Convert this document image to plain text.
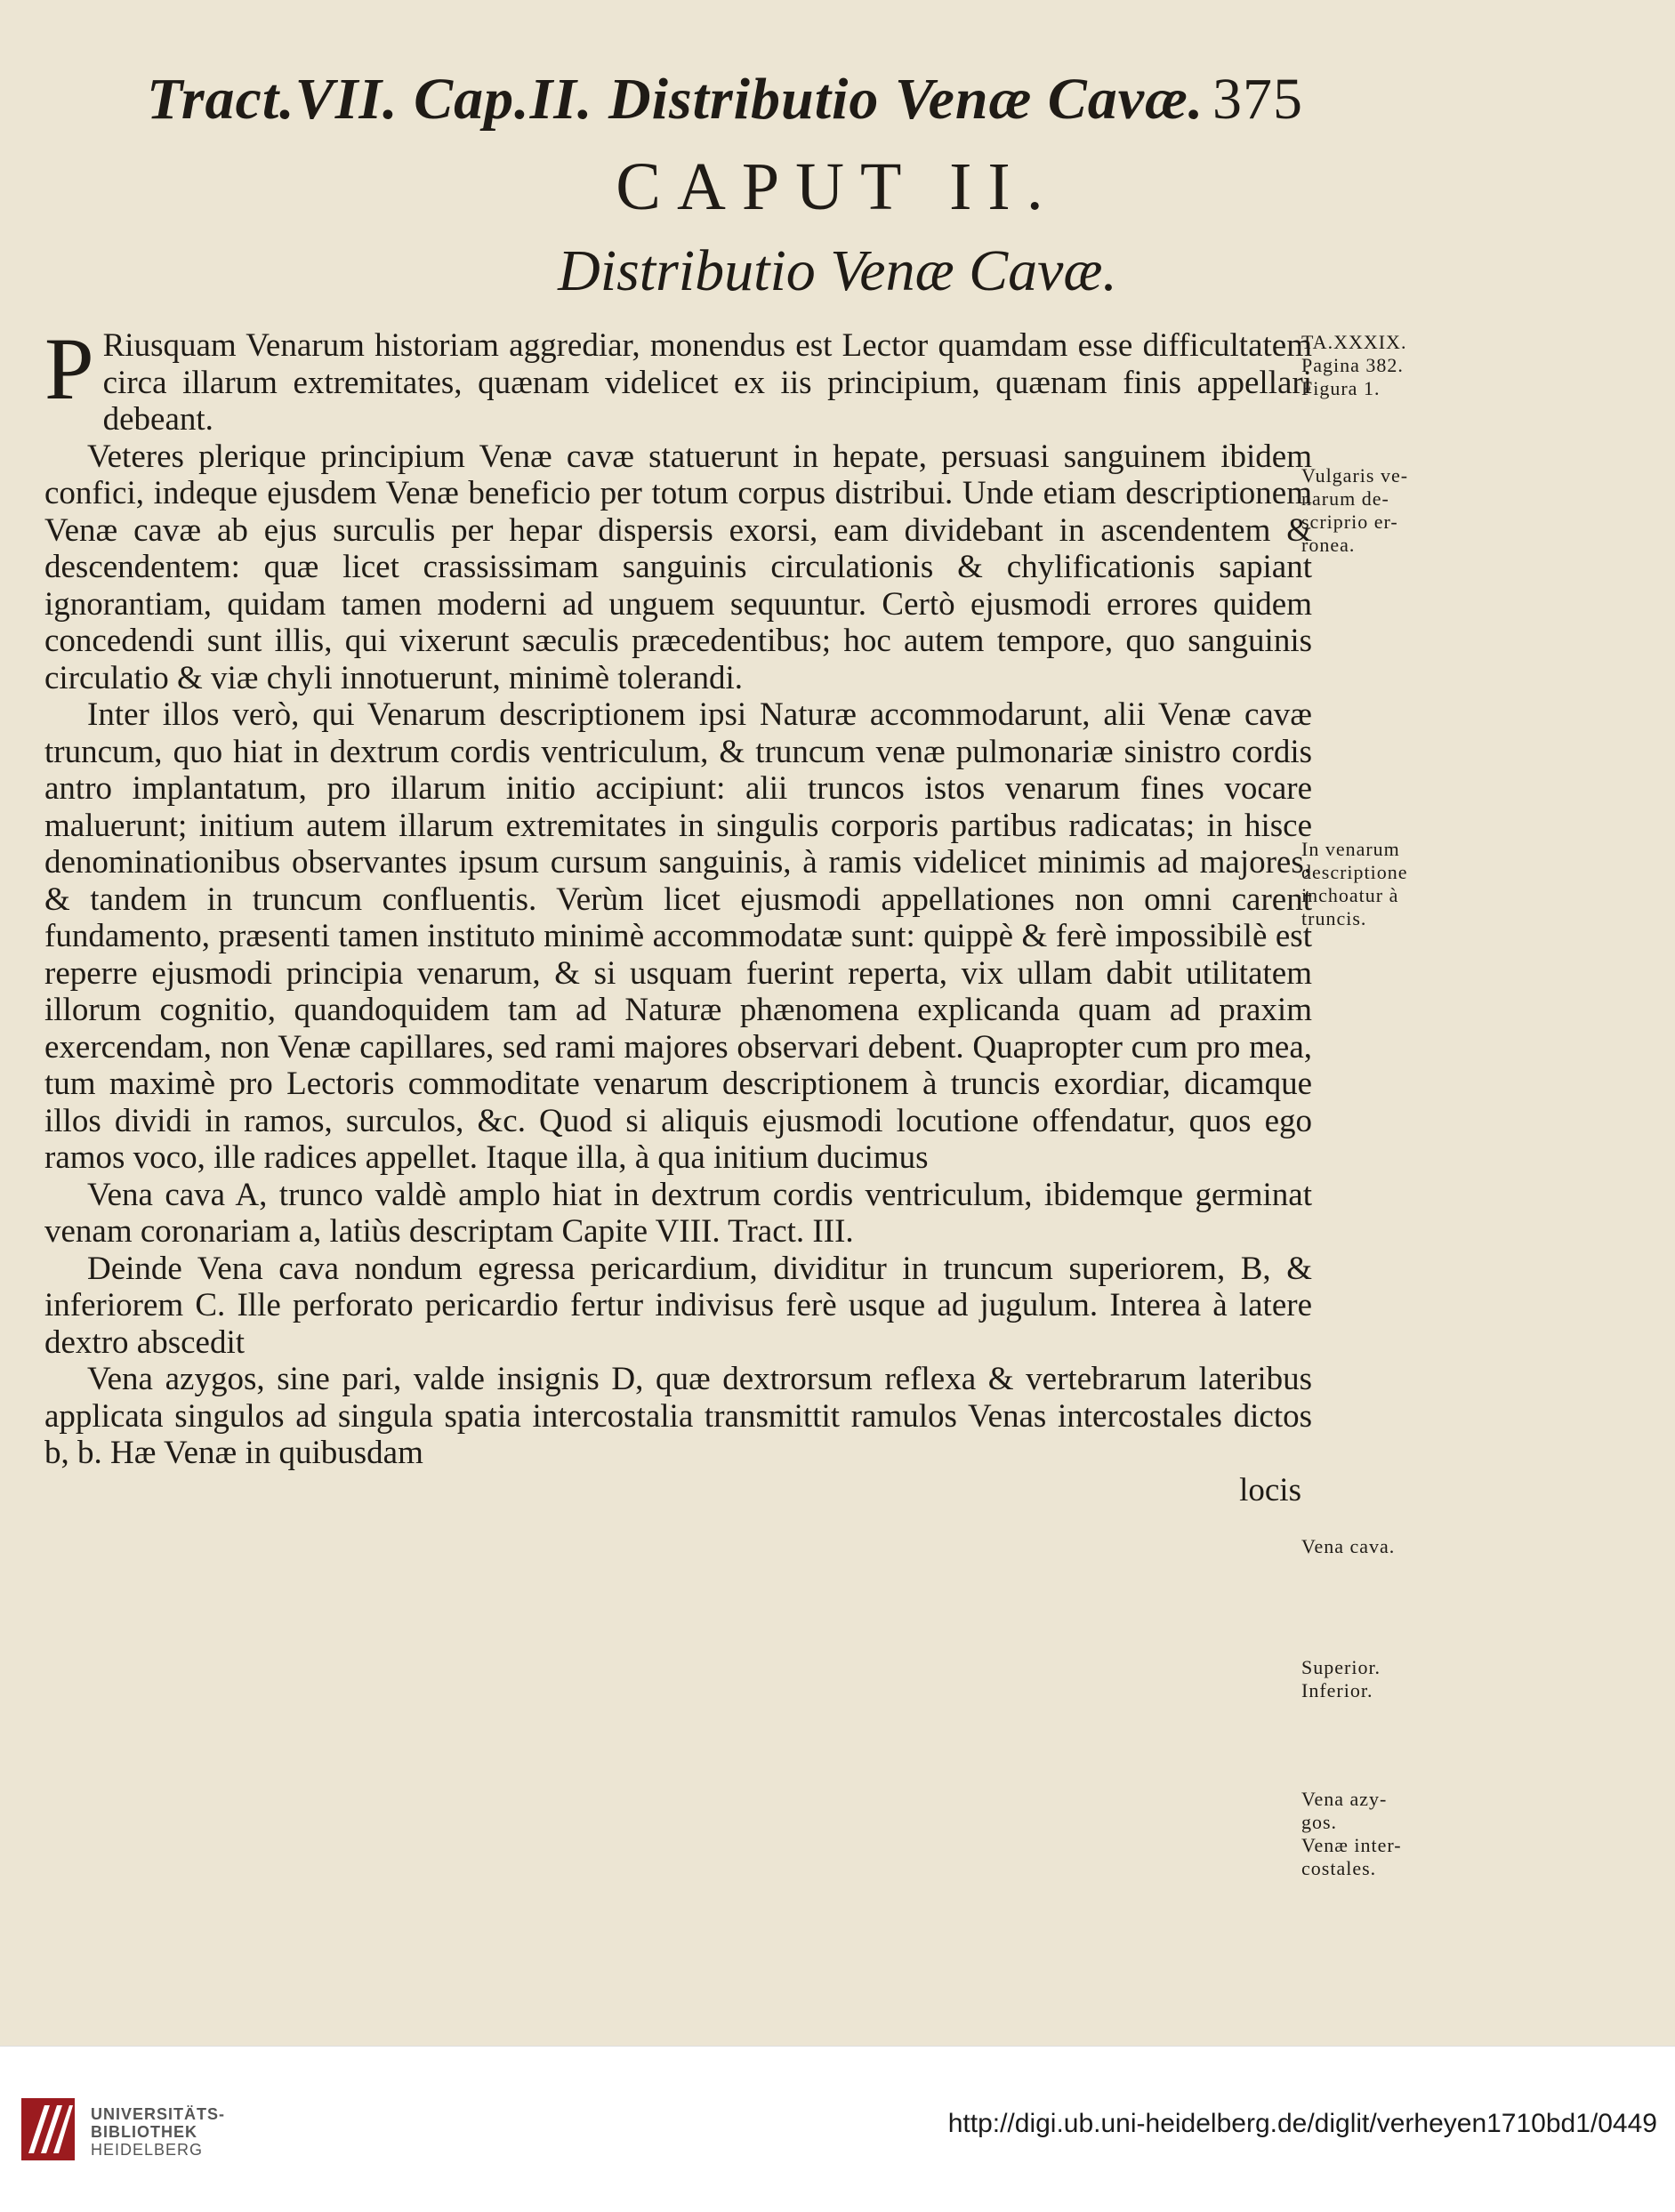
Tract.VII. Cap.II. Distributio Venæ Cavæ. 375
CAPUT II.
Distributio Venæ Cavæ.

P Riusquam Venarum historiam aggrediar, monendus est Lector quamdam esse difficultatem circa illarum extremitates, quænam videlicet ex iis principium, quænam finis appellari debeant.

Veteres plerique principium Venæ cavæ statuerunt in hepate, persuasi sanguinem ibidem confici, indeque ejusdem Venæ beneficio per totum corpus distribui. Unde etiam descriptionem Venæ cavæ ab ejus surculis per hepar dispersis exorsi, eam dividebant in ascendentem & descendentem: quæ licet crassissimam sanguinis circulationis & chylificationis sapiant ignorantiam, quidam tamen moderni ad unguem sequuntur. Certò ejusmodi errores quidem concedendi sunt illis, qui vixerunt sæculis præcedentibus; hoc autem tempore, quo sanguinis circulatio & viæ chyli innotuerunt, minimè tolerandi.

Inter illos verò, qui Venarum descriptionem ipsi Naturæ accommodarunt, alii Venæ cavæ truncum, quo hiat in dextrum cordis ventriculum, & truncum venæ pulmonariæ sinistro cordis antro implantatum, pro illarum initio accipiunt: alii truncos istos venarum fines vocare maluerunt; initium autem illarum extremitates in singulis corporis partibus radicatas; in hisce denominationibus observantes ipsum cursum sanguinis, à ramis videlicet minimis ad majores, & tandem in truncum confluentis. Verùm licet ejusmodi appellationes non omni carent fundamento, præsenti tamen instituto minimè accommodatæ sunt: quippè & ferè impossibilè est reperre ejusmodi principia venarum, & si usquam fuerint reperta, vix ullam dabit utilitatem illorum cognitio, quandoquidem tam ad Naturæ phænomena explicanda quam ad praxim exercendam, non Venæ capillares, sed rami majores observari debent. Quapropter cum pro mea, tum maximè pro Lectoris commoditate venarum descriptionem à truncis exordiar, dicamque illos dividi in ramos, surculos, &c. Quod si aliquis ejusmodi locutione offendatur, quos ego ramos voco, ille radices appellet. Itaque illa, à qua initium ducimus

Vena cava A, trunco valdè amplo hiat in dextrum cordis ventriculum, ibidemque germinat venam coronariam a, latiùs descriptam Capite VIII. Tract. III.

Deinde Vena cava nondum egressa pericardium, dividitur in truncum superiorem, B, & inferiorem C. Ille perforato pericardio fertur indivisus ferè usque ad jugulum. Interea à latere dextro abscedit

Vena azygos, sine pari, valde insignis D, quæ dextrorsum reflexa & vertebrarum lateribus applicata singulos ad singula spatia intercostalia transmittit ramulos Venas intercostales dictos b, b. Hæ Venæ in quibusdam

locis
TA.XXXIX.
Pagina 382.
Figura 1.
Vulgaris ve-
narum de-
scriprio er-
ronea.
In venarum
descriptione
inchoatur à
truncis.
Vena cava.
Superior.
Inferior.
Vena azy-
gos.
Venæ inter-
costales.
UNIVERSITÄTS-
BIBLIOTHEK
HEIDELBERG
http://digi.ub.uni-heidelberg.de/diglit/verheyen1710bd1/0449
